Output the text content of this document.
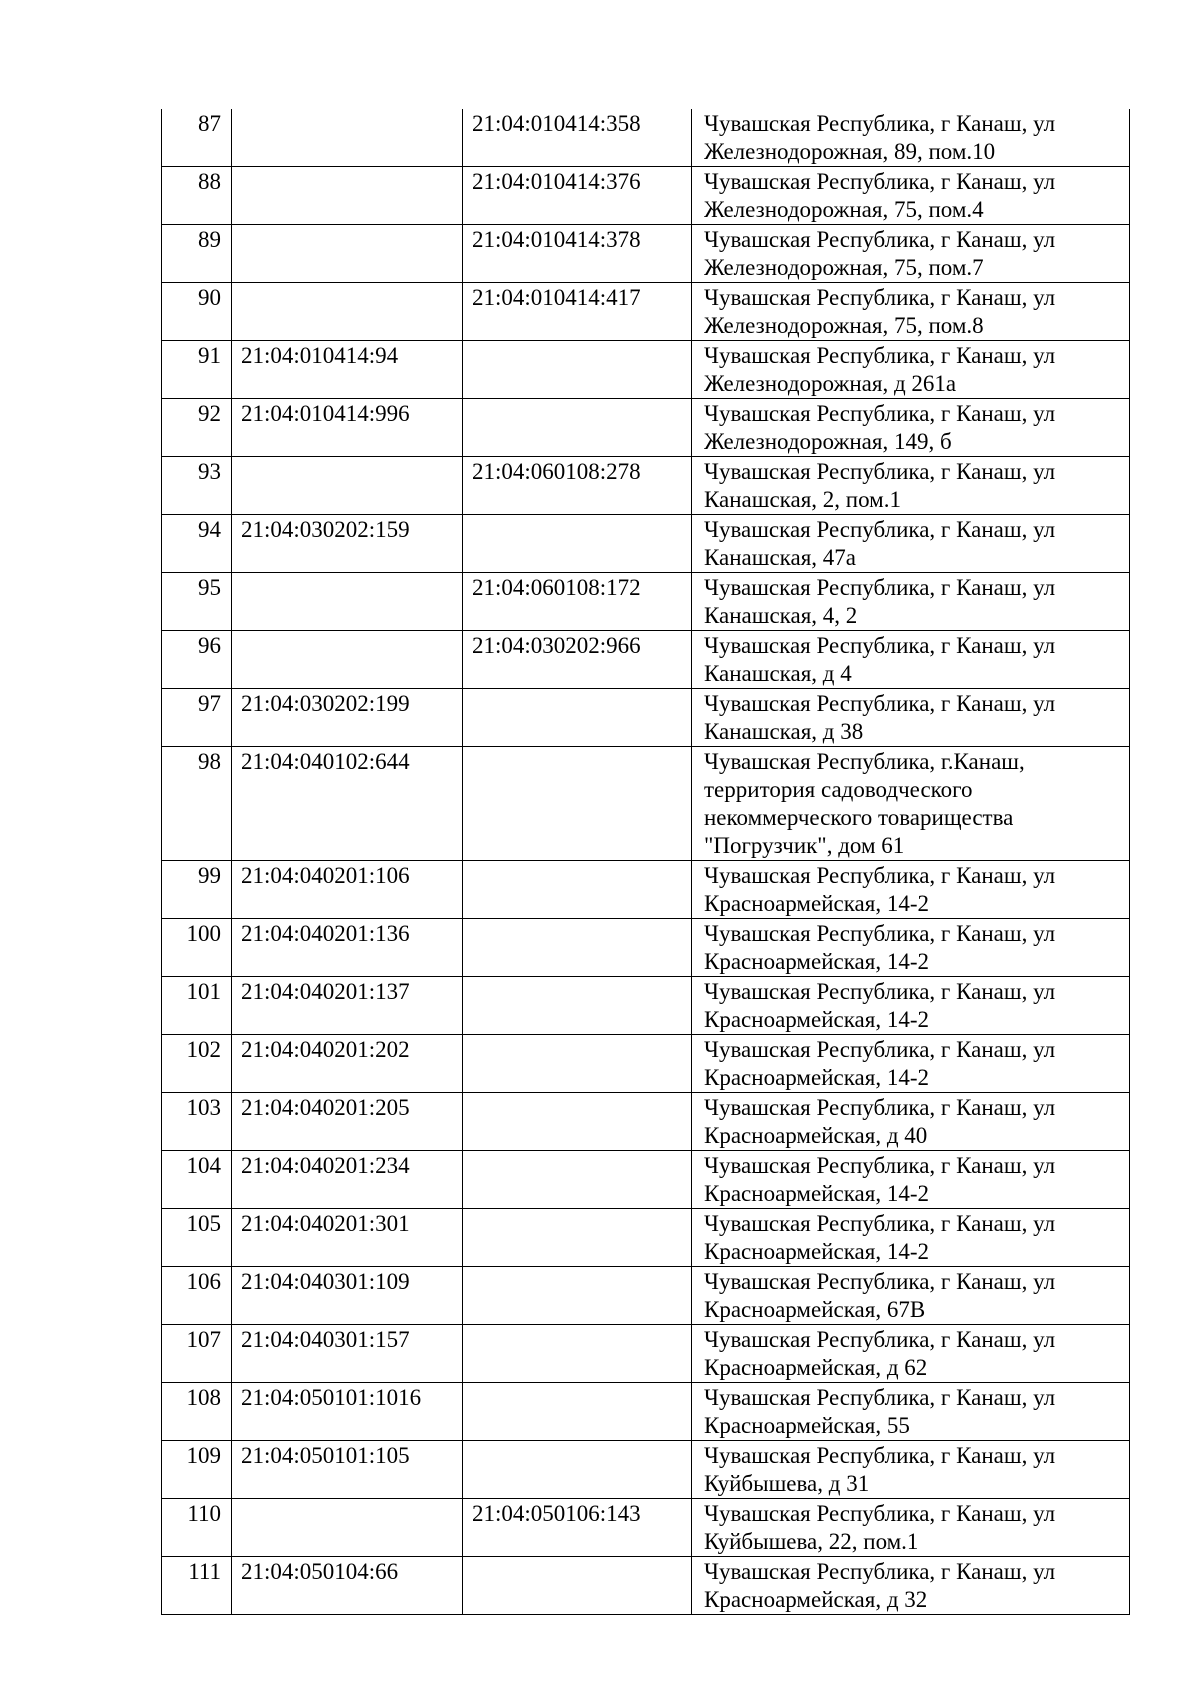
87		21:04:010414:358	Чувашская Республика, г Канаш, ул
Железнодорожная, 89, пом.10
88		21:04:010414:376	Чувашская Республика, г Канаш, ул
Железнодорожная, 75, пом.4
89		21:04:010414:378	Чувашская Республика, г Канаш, ул
Железнодорожная, 75, пом.7
90		21:04:010414:417	Чувашская Республика, г Канаш, ул
Железнодорожная, 75, пом.8
91	21:04:010414:94		Чувашская Республика, г Канаш, ул
Железнодорожная, д 261а
92	21:04:010414:996		Чувашская Республика, г Канаш, ул
Железнодорожная, 149, б
93		21:04:060108:278	Чувашская Республика, г Канаш, ул
Канашская, 2, пом.1
94	21:04:030202:159		Чувашская Республика, г Канаш, ул
Канашская, 47а
95		21:04:060108:172	Чувашская Республика, г Канаш, ул
Канашская, 4, 2
96		21:04:030202:966	Чувашская Республика, г Канаш, ул
Канашская, д 4
97	21:04:030202:199		Чувашская Республика, г Канаш, ул
Канашская, д 38
98	21:04:040102:644		Чувашская Республика, г.Канаш,
территория садоводческого
некоммерческого товарищества
"Погрузчик", дом 61
99	21:04:040201:106		Чувашская Республика, г Канаш, ул
Красноармейская, 14-2
100	21:04:040201:136		Чувашская Республика, г Канаш, ул
Красноармейская, 14-2
101	21:04:040201:137		Чувашская Республика, г Канаш, ул
Красноармейская, 14-2
102	21:04:040201:202		Чувашская Республика, г Канаш, ул
Красноармейская, 14-2
103	21:04:040201:205		Чувашская Республика, г Канаш, ул
Красноармейская, д 40
104	21:04:040201:234		Чувашская Республика, г Канаш, ул
Красноармейская, 14-2
105	21:04:040201:301		Чувашская Республика, г Канаш, ул
Красноармейская, 14-2
106	21:04:040301:109		Чувашская Республика, г Канаш, ул
Красноармейская, 67В
107	21:04:040301:157		Чувашская Республика, г Канаш, ул
Красноармейская, д 62
108	21:04:050101:1016		Чувашская Республика, г Канаш, ул
Красноармейская, 55
109	21:04:050101:105		Чувашская Республика, г Канаш, ул
Куйбышева, д 31
110		21:04:050106:143	Чувашская Республика, г Канаш, ул
Куйбышева, 22, пом.1
111	21:04:050104:66		Чувашская Республика, г Канаш, ул
Красноармейская, д 32
